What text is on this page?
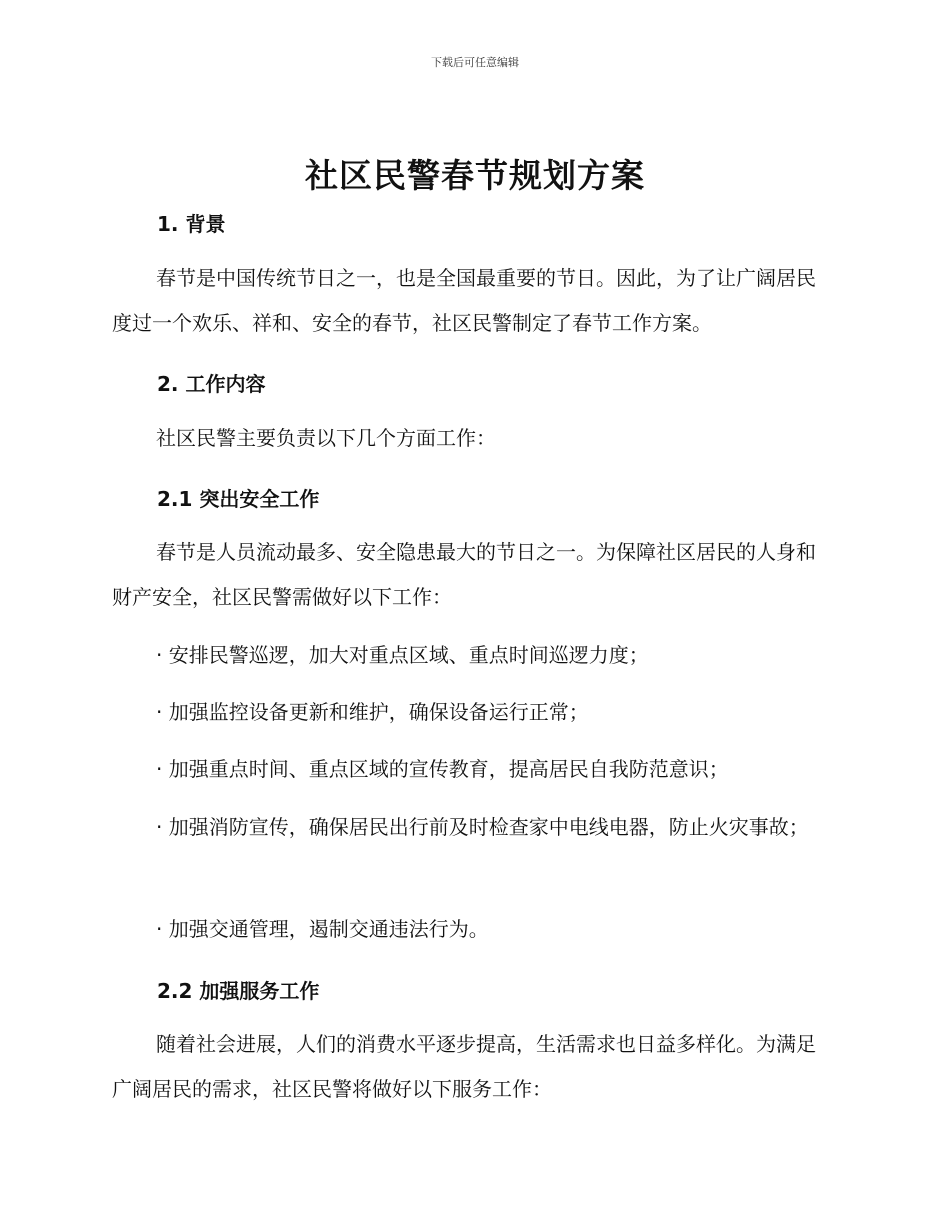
下载后可任意编辑
社区民警春节规划方案
1. 背景

春节是中国传统节日之一，也是全国最重要的节日。因此，为了让广阔居民度过一个欢乐、祥和、安全的春节，社区民警制定了春节工作方案。

2. 工作内容

社区民警主要负责以下几个方面工作：

2.1 突出安全工作

春节是人员流动最多、安全隐患最大的节日之一。为保障社区居民的人身和财产安全，社区民警需做好以下工作：

· 安排民警巡逻，加大对重点区域、重点时间巡逻力度；

· 加强监控设备更新和维护，确保设备运行正常；

· 加强重点时间、重点区域的宣传教育，提高居民自我防范意识；

· 加强消防宣传，确保居民出行前及时检查家中电线电器，防止火灾事故；

· 加强交通管理，遏制交通违法行为。

2.2 加强服务工作

随着社会进展，人们的消费水平逐步提高，生活需求也日益多样化。为满足广阔居民的需求，社区民警将做好以下服务工作：
